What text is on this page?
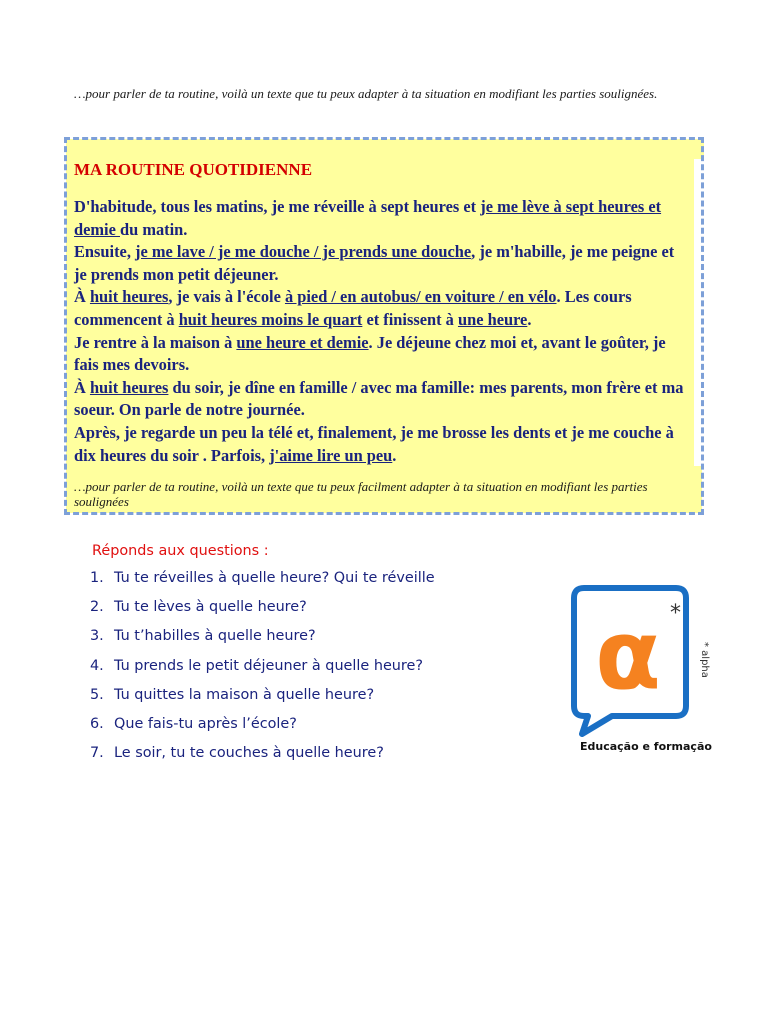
…pour parler de ta routine, voilà un texte que tu peux adapter à ta situation en modifiant les parties soulignées.

MA ROUTINE QUOTIDIENNE

D'habitude, tous les matins, je me réveille à sept heures et je me lève à sept heures et demie du matin.

Ensuite, je me lave / je me douche / je prends une douche, je m'habille, je me peigne et je prends mon petit déjeuner.

À huit heures, je vais à l'école à pied / en autobus/ en voiture / en vélo. Les cours commencent à huit heures moins le quart et finissent à une heure.

Je rentre à la maison à une heure et demie. Je déjeune chez moi et, avant le goûter, je fais mes devoirs.

À huit heures du soir, je dîne en famille / avec ma famille: mes parents, mon frère et ma soeur. On parle de notre journée.

Après, je regarde un peu la télé et, finalement, je me brosse les dents et je me couche à dix heures du soir . Parfois, j'aime lire un peu.

…pour parler de ta routine, voilà un texte que tu peux facilment adapter à ta situation en modifiant les parties soulignées

Réponds aux questions :

1. Tu te réveilles à quelle heure? Qui te réveille
2. Tu te lèves à quelle heure?
3. Tu t’habilles à quelle heure?
4. Tu prends le petit déjeuner à quelle heure?
5. Tu quittes la maison à quelle heure?
6. Que fais-tu après l’école?
7. Le soir, tu te couches à quelle heure?
α *
* alpha
Educação e formação
